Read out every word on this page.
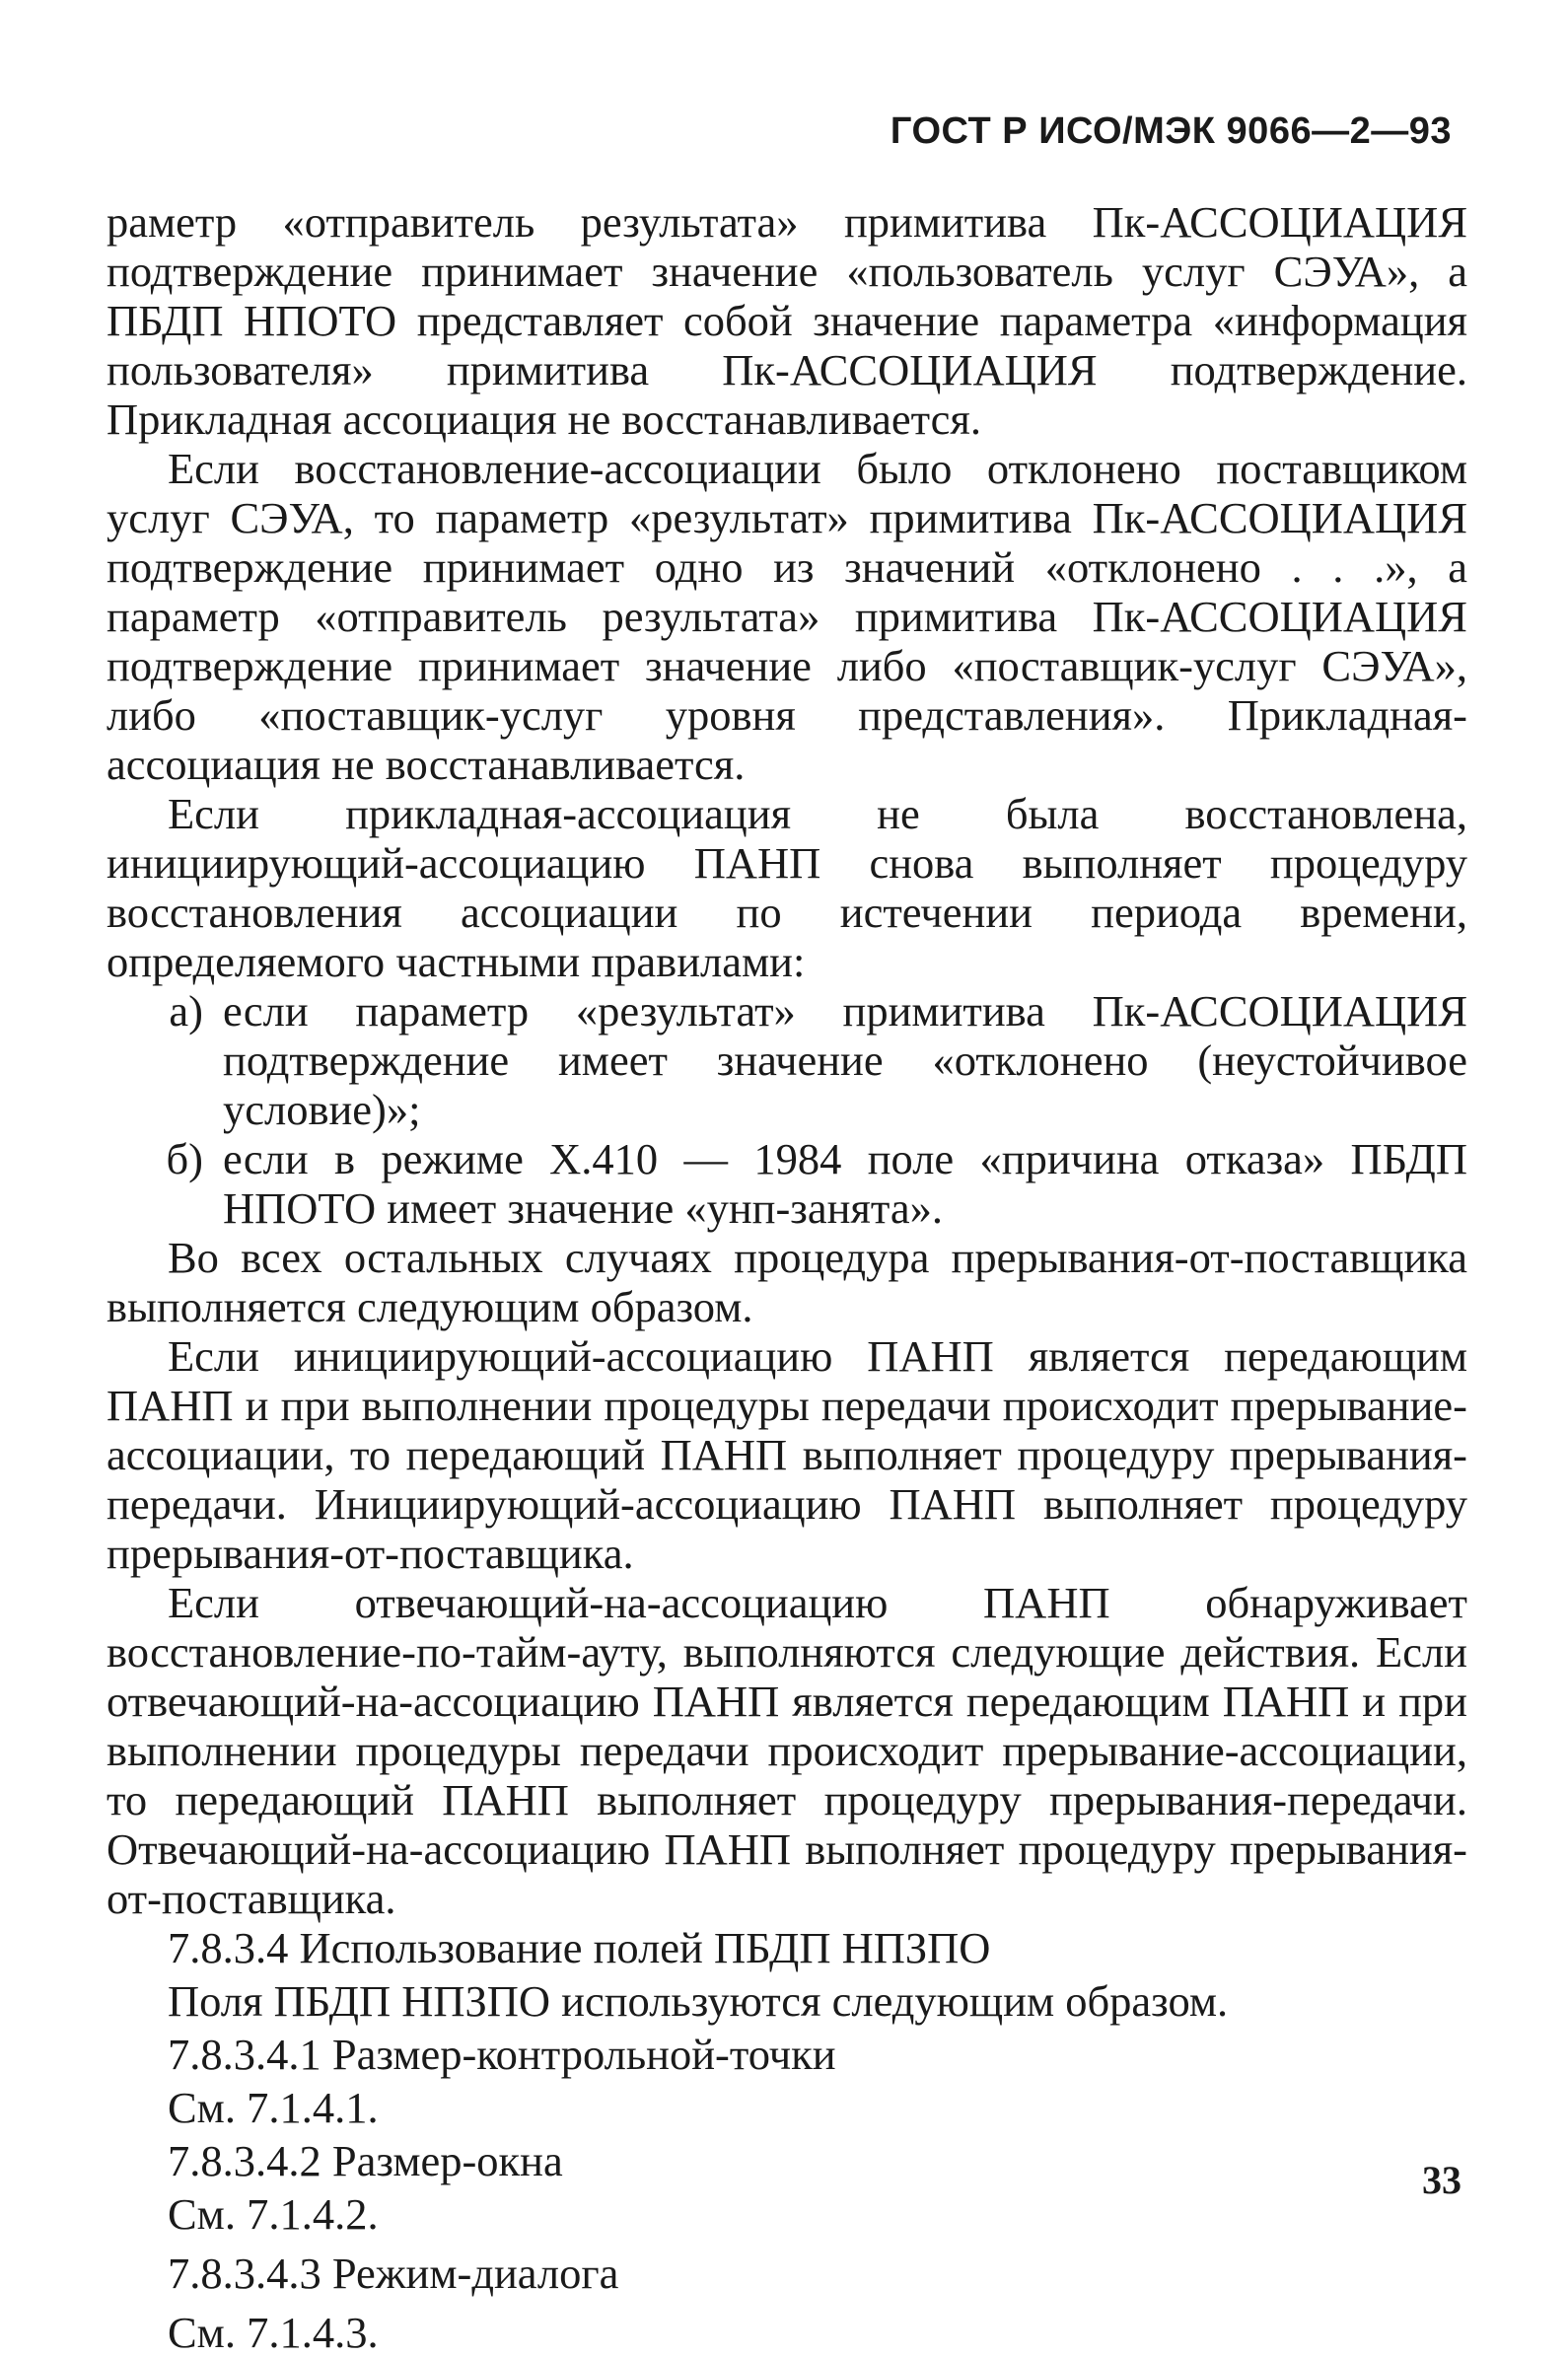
ГОСТ Р ИСО/МЭК 9066—2—93

раметр «отправитель результата» примитива Пк-АССОЦИАЦИЯ подтверждение принимает значение «пользователь услуг СЭУА», а ПБДП НПОТО представляет собой значение параметра «информация пользователя» примитива Пк-АССОЦИАЦИЯ подтверждение. Прикладная ассоциация не восстанавливается.

Если восстановление-ассоциации было отклонено поставщиком услуг СЭУА, то параметр «результат» примитива Пк-АССОЦИАЦИЯ подтверждение принимает одно из значений «отклонено . . .», а параметр «отправитель результата» примитива Пк-АССОЦИАЦИЯ подтверждение принимает значение либо «поставщик-услуг СЭУА», либо «поставщик-услуг уровня представления». Прикладная-ассоциация не восстанавливается.

Если прикладная-ассоциация не была восстановлена, инициирующий-ассоциацию ПАНП снова выполняет процедуру восстановления ассоциации по истечении периода времени, определяемого частными правилами:

а) если параметр «результат» примитива Пк-АССОЦИАЦИЯ подтверждение имеет значение «отклонено (неустойчивое условие)»;
б) если в режиме X.410 — 1984 поле «причина отказа» ПБДП НПОТО имеет значение «унп-занята».

Во всех остальных случаях процедура прерывания-от-поставщика выполняется следующим образом.

Если инициирующий-ассоциацию ПАНП является передающим ПАНП и при выполнении процедуры передачи происходит прерывание-ассоциации, то передающий ПАНП выполняет процедуру прерывания-передачи. Инициирующий-ассоциацию ПАНП выполняет процедуру прерывания-от-поставщика.

Если отвечающий-на-ассоциацию ПАНП обнаруживает восстановление-по-тайм-ауту, выполняются следующие действия. Если отвечающий-на-ассоциацию ПАНП является передающим ПАНП и при выполнении процедуры передачи происходит прерывание-ассоциации, то передающий ПАНП выполняет процедуру прерывания-передачи. Отвечающий-на-ассоциацию ПАНП выполняет процедуру прерывания-от-поставщика.

7.8.3.4 Использование полей ПБДП НПЗПО

Поля ПБДП НПЗПО используются следующим образом.

7.8.3.4.1 Размер-контрольной-точки

См. 7.1.4.1.

7.8.3.4.2 Размер-окна

См. 7.1.4.2.

7.8.3.4.3 Режим-диалога

См. 7.1.4.3.

33
